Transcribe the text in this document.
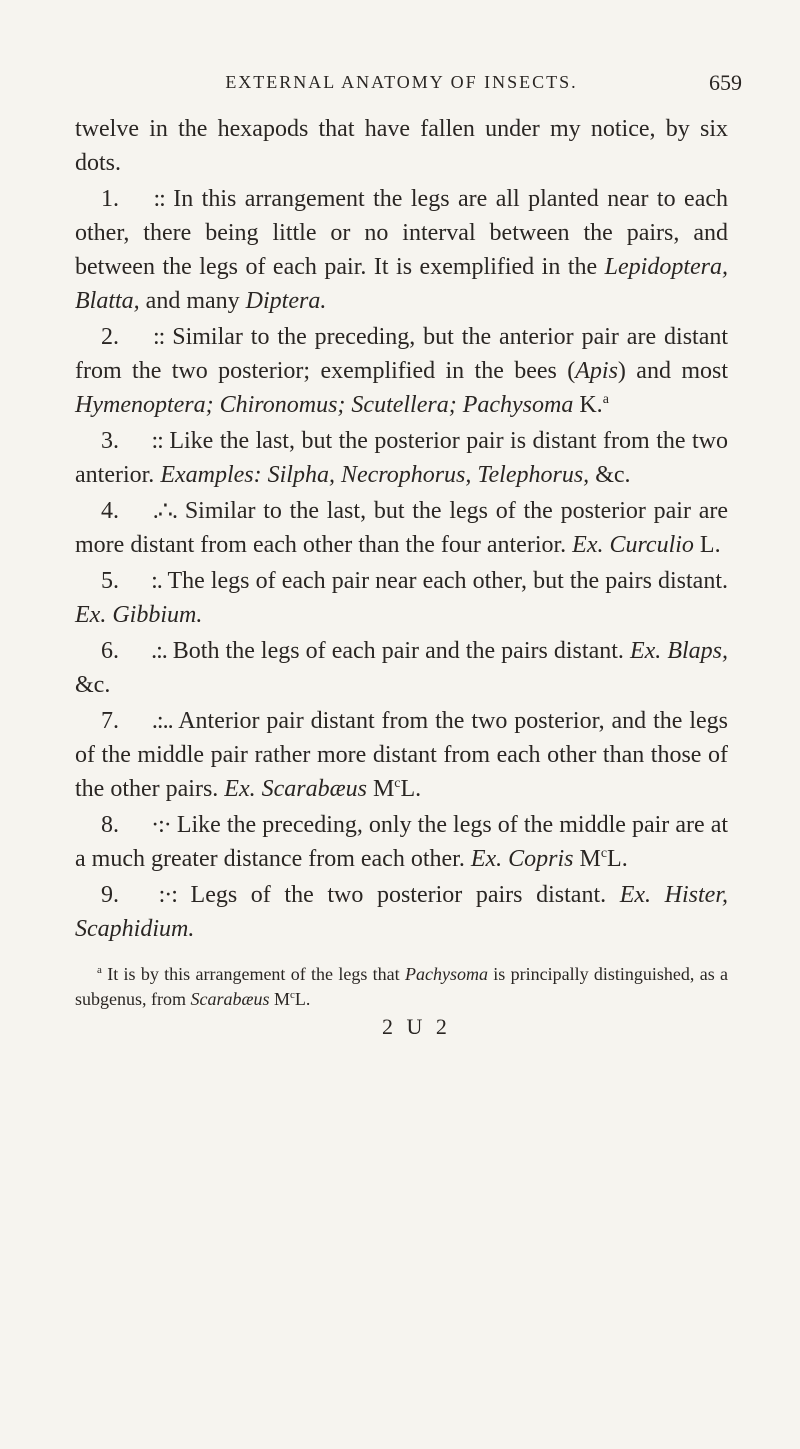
EXTERNAL ANATOMY OF INSECTS.	659

twelve in the hexapods that have fallen under my notice, by six dots.

1. :: In this arrangement the legs are all planted near to each other, there being little or no interval between the pairs, and between the legs of each pair. It is exemplified in the Lepidoptera, Blatta, and many Diptera.

2. :: Similar to the preceding, but the anterior pair are distant from the two posterior; exemplified in the bees (Apis) and most Hymenoptera; Chironomus; Scutellera; Pachysoma K.$^a$

3. :: Like the last, but the posterior pair is distant from the two anterior. Examples: Silpha, Necrophorus, Telephorus, &c.

4. .∴. Similar to the last, but the legs of the posterior pair are more distant from each other than the four anterior. Ex. Curculio L.

5. :. The legs of each pair near each other, but the pairs distant. Ex. Gibbium.

6. .:. Both the legs of each pair and the pairs distant. Ex. Blaps, &c.

7. .:.. Anterior pair distant from the two posterior, and the legs of the middle pair rather more distant from each other than those of the other pairs. Ex. Scarabæus $M^cL$.

8. ·:· Like the preceding, only the legs of the middle pair are at a much greater distance from each other. Ex. Copris $M^cL$.

9. :·: Legs of the two posterior pairs distant. Ex. Hister, Scaphidium.

$^a$ It is by this arrangement of the legs that Pachysoma is principally distinguished, as a subgenus, from Scarabæus $M^cL$.
2 U 2
